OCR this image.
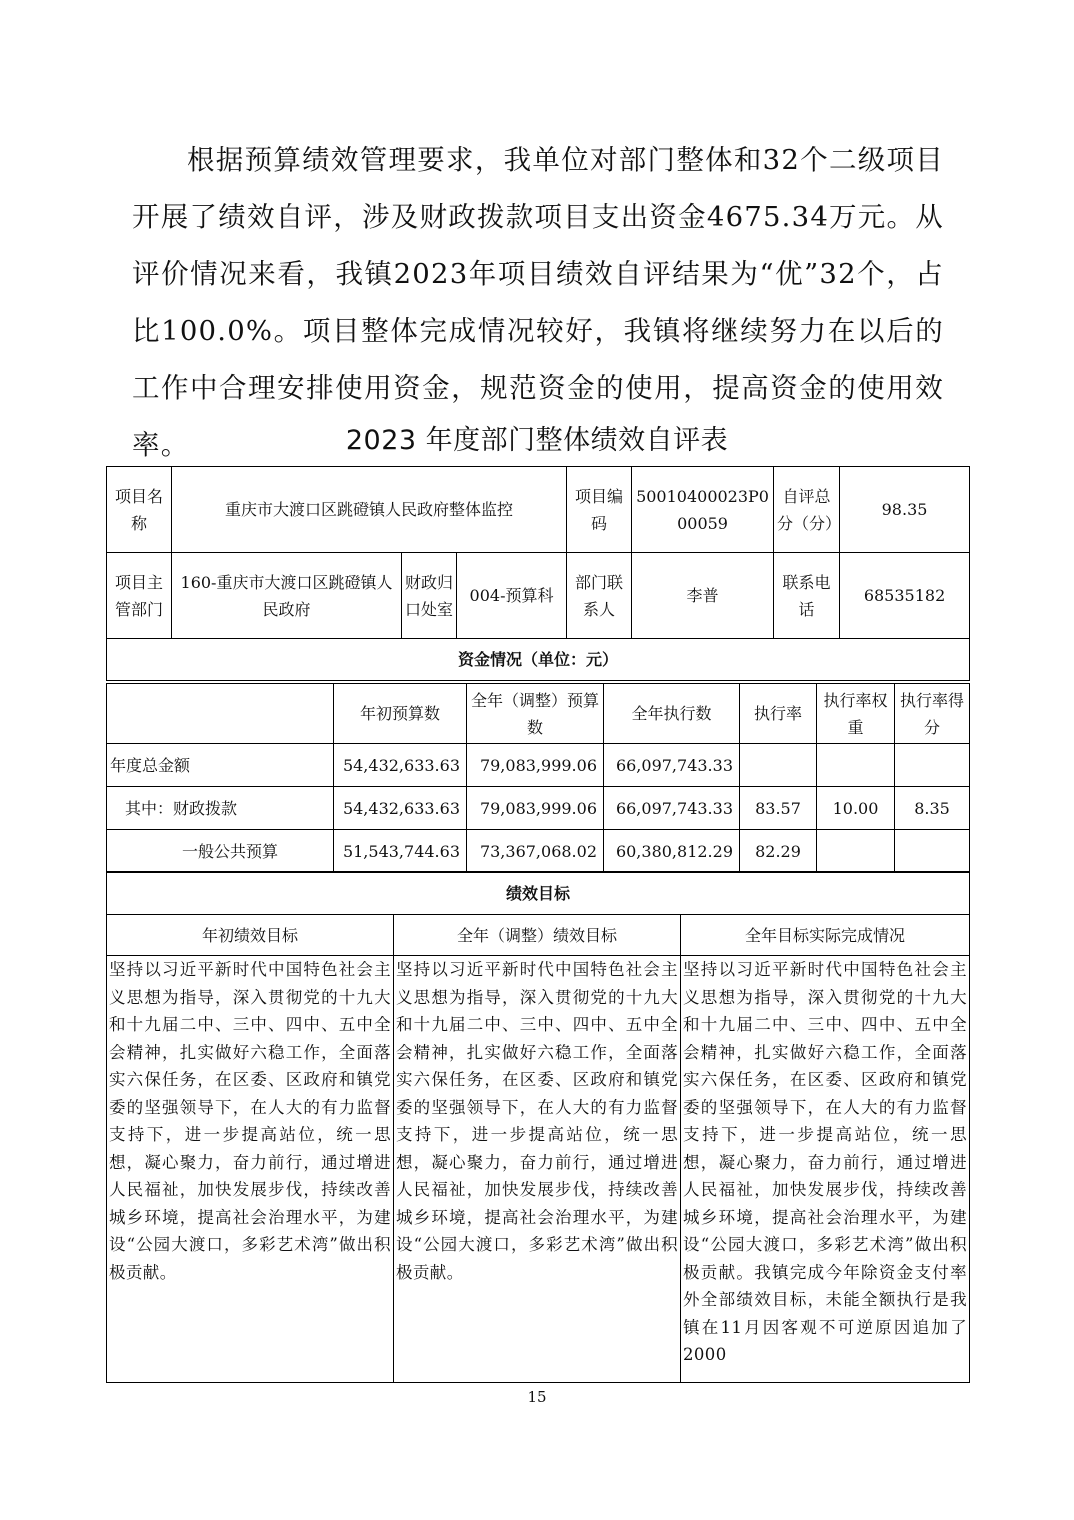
根据预算绩效管理要求，我单位对部门整体和32个二级项目开展了绩效自评，涉及财政拨款项目支出资金4675.34万元。从评价情况来看，我镇2023年项目绩效自评结果为“优”32个，占比100.0%。项目整体完成情况较好，我镇将继续努力在以后的工作中合理安排使用资金，规范资金的使用，提高资金的使用效率。	2023 年度部门整体绩效自评表
项目名称	重庆市大渡口区跳磴镇人民政府整体监控			项目编码	50010400023P000059	自评总分（分）	98.35
项目主管部门	160-重庆市大渡口区跳磴镇人民政府	财政归口处室	004-预算科	部门联系人	李普	联系电话	68535182
资金情况（单位：元）							
	年初预算数	全年（调整）预算数	全年执行数	执行率	执行率权重	执行率得分
年度总金额	54,432,633.63	79,083,999.06	66,097,743.33			
其中：财政拨款	54,432,633.63	79,083,999.06	66,097,743.33	83.57	10.00	8.35
一般公共预算	51,543,744.63	73,367,068.02	60,380,812.29	82.29		
绩效目标		
年初绩效目标	全年（调整）绩效目标	全年目标实际完成情况
坚持以习近平新时代中国特色社会主义思想为指导，深入贯彻党的十九大和十九届二中、三中、四中、五中全会精神，扎实做好六稳工作，全面落实六保任务，在区委、区政府和镇党委的坚强领导下，在人大的有力监督支持下，进一步提高站位，统一思想，凝心聚力，奋力前行，通过增进人民福祉，加快发展步伐，持续改善城乡环境，提高社会治理水平，为建设“公园大渡口，多彩艺术湾”做出积极贡献。	坚持以习近平新时代中国特色社会主义思想为指导，深入贯彻党的十九大和十九届二中、三中、四中、五中全会精神，扎实做好六稳工作，全面落实六保任务，在区委、区政府和镇党委的坚强领导下，在人大的有力监督支持下，进一步提高站位，统一思想，凝心聚力，奋力前行，通过增进人民福祉，加快发展步伐，持续改善城乡环境，提高社会治理水平，为建设“公园大渡口，多彩艺术湾”做出积极贡献。	坚持以习近平新时代中国特色社会主义思想为指导，深入贯彻党的十九大和十九届二中、三中、四中、五中全会精神，扎实做好六稳工作，全面落实六保任务，在区委、区政府和镇党委的坚强领导下，在人大的有力监督支持下，进一步提高站位，统一思想，凝心聚力，奋力前行，通过增进人民福祉，加快发展步伐，持续改善城乡环境，提高社会治理水平，为建设“公园大渡口，多彩艺术湾”做出积极贡献。我镇完成今年除资金支付率外全部绩效目标，未能全额执行是我镇在11月因客观不可逆原因追加了2000
15
